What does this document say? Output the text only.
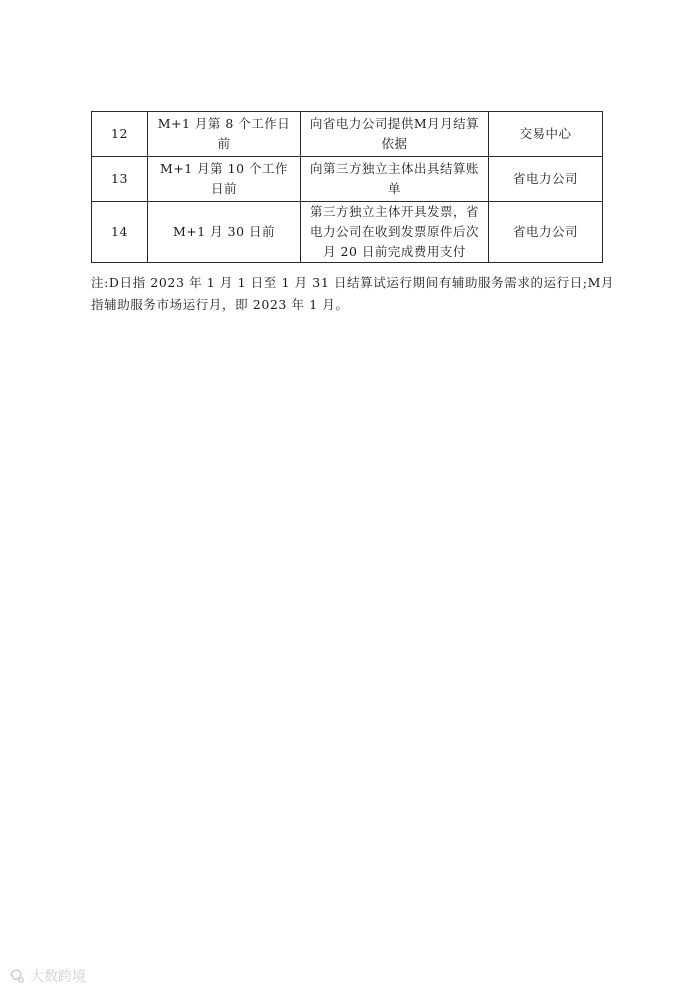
12	M+1 月第 8 个工作日前	向省电力公司提供M月月结算依据	交易中心
13	M+1 月第 10 个工作日前	向第三方独立主体出具结算账单	省电力公司
14	M+1 月 30 日前	第三方独立主体开具发票，省电力公司在收到发票原件后次月 20 日前完成费用支付	省电力公司
注:D日指 2023 年 1 月 1 日至 1 月 31 日结算试运行期间有辅助服务需求的运行日;M月指辅助服务市场运行月，即 2023 年 1 月。
大数跨境
